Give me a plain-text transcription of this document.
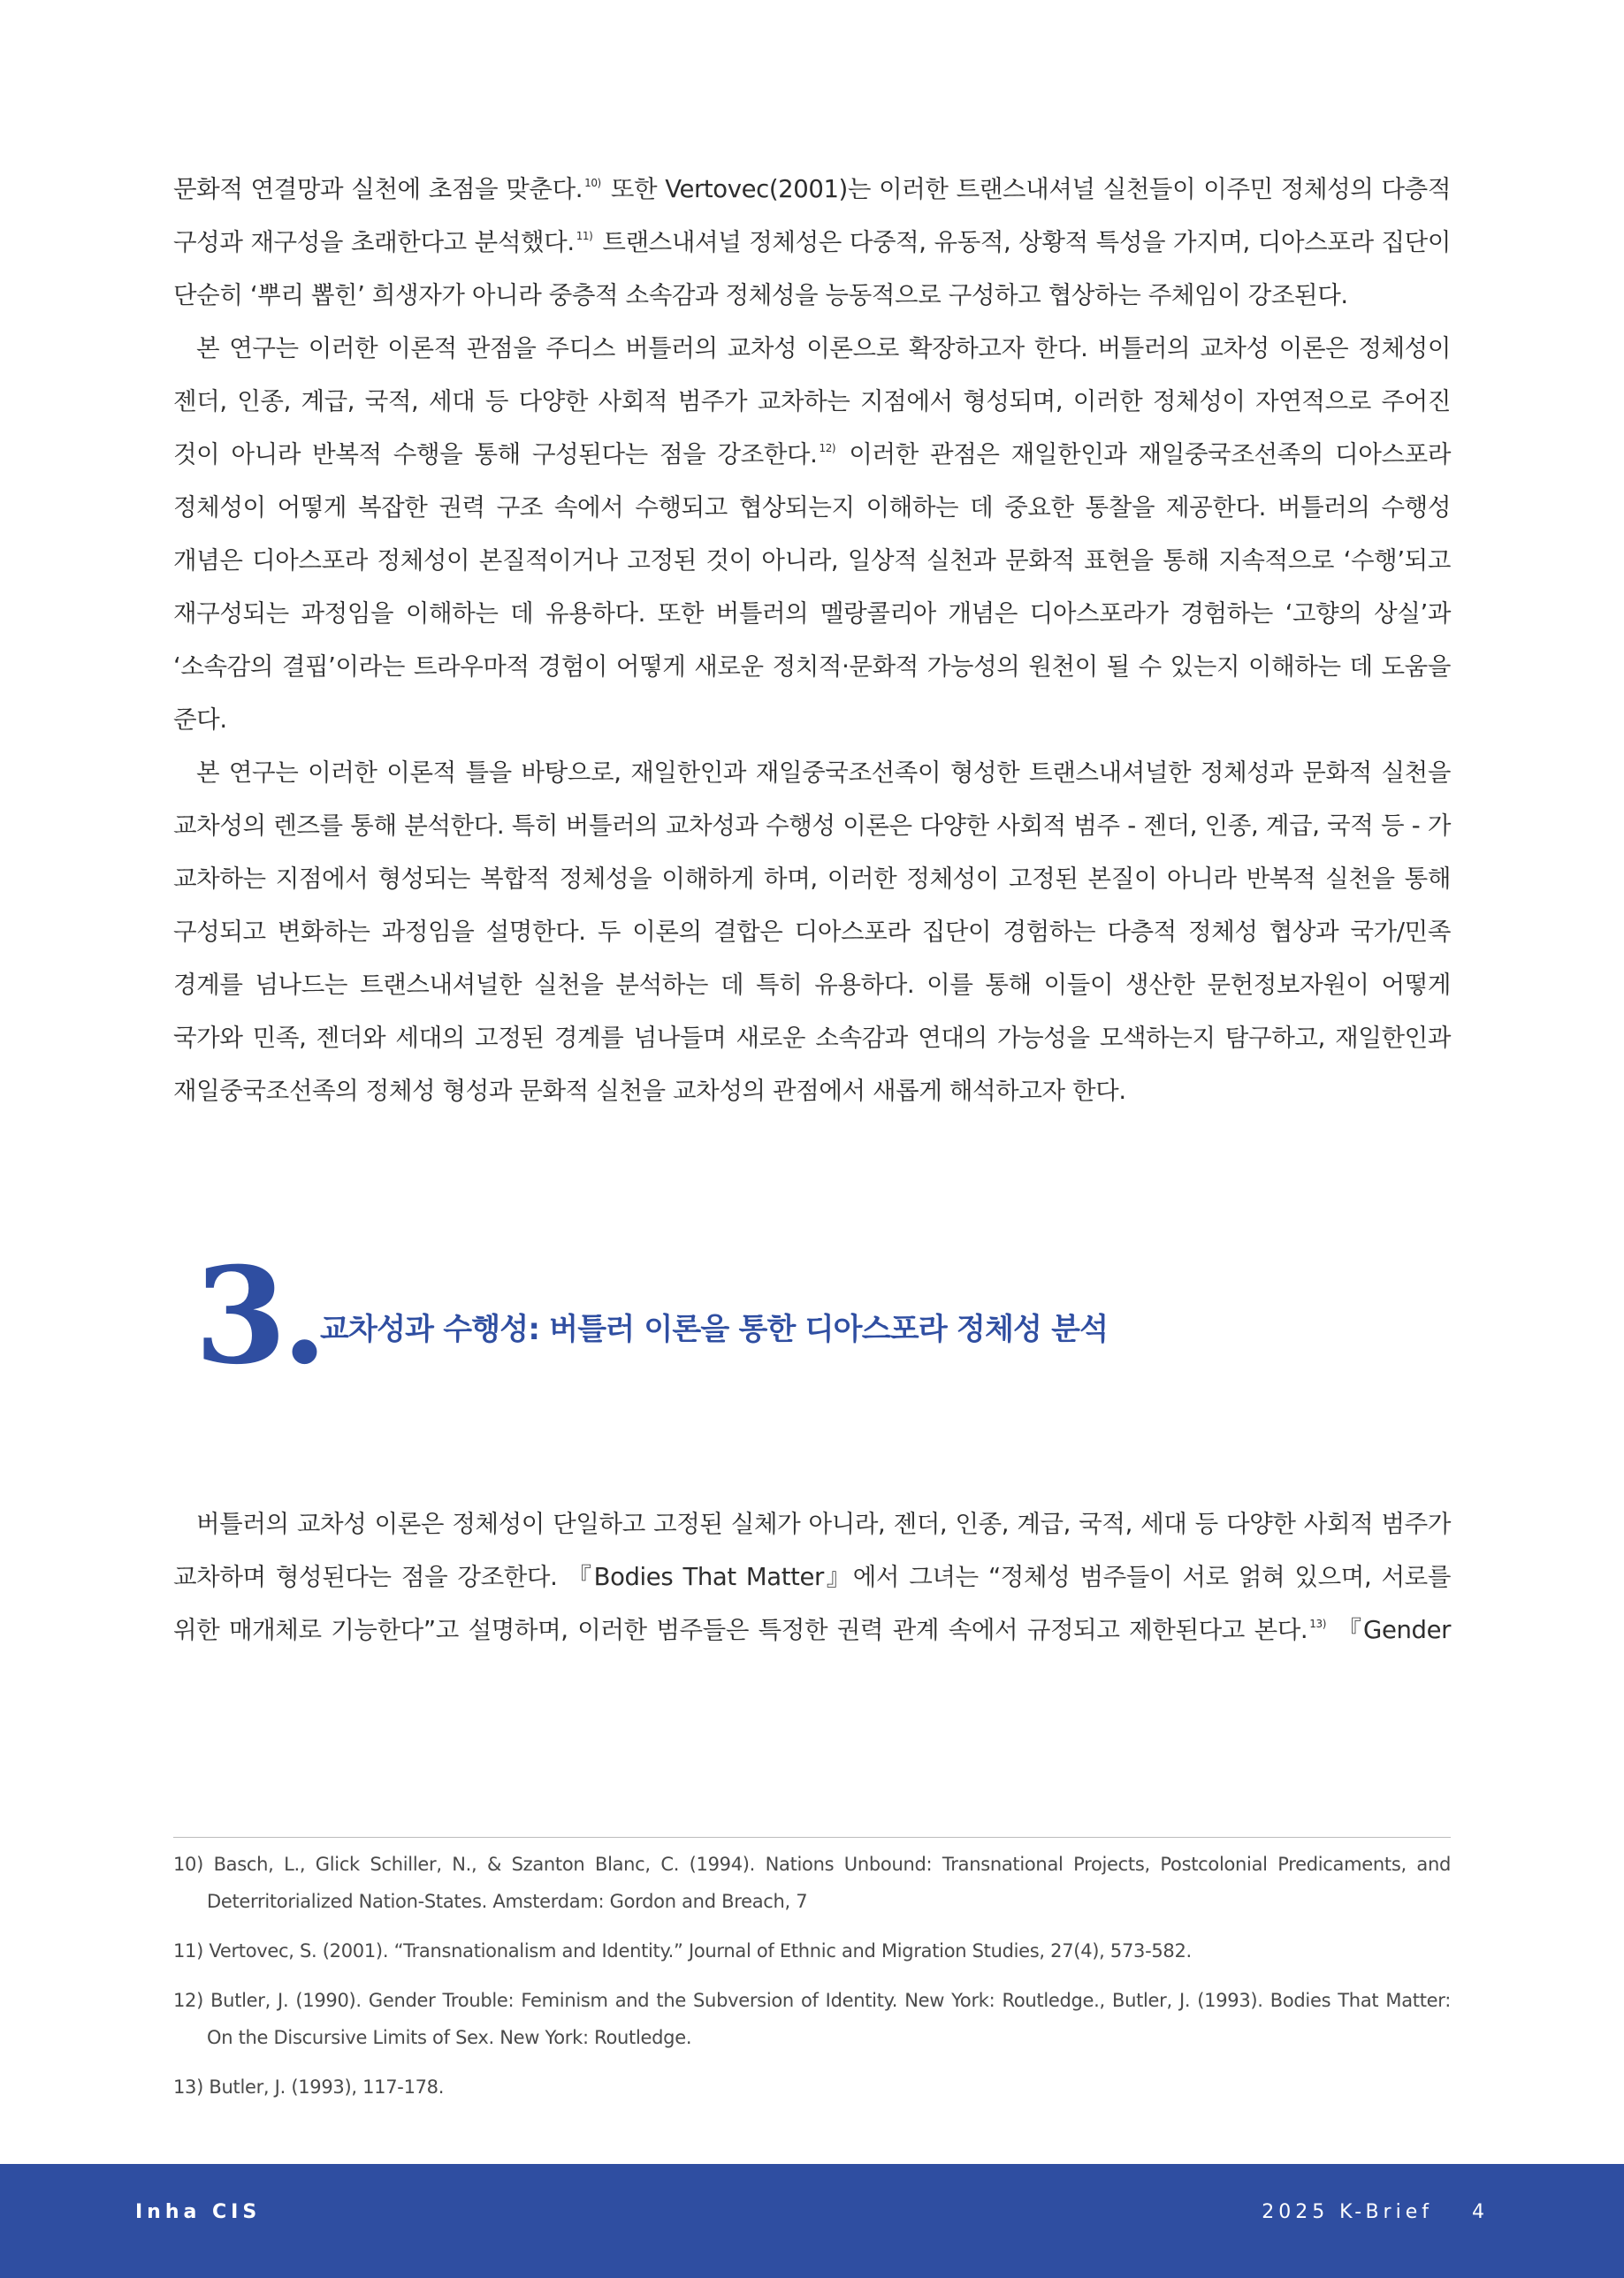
문화적 연결망과 실천에 초점을 맞춘다. $^{10)}$ 또한 Vertovec(2001)는 이러한 트랜스내셔널 실천들이 이주민 정체성의 다층적
구성과 재구성을 초래한다고 분석했다. $^{11)}$ 트랜스내셔널 정체성은 다중적, 유동적, 상황적 특성을 가지며, 디아스포라 집단이
단순히 ‘뿌리 뽑힌’ 희생자가 아니라 중층적 소속감과 정체성을 능동적으로 구성하고 협상하는 주체임이 강조된다.

본 연구는 이러한 이론적 관점을 주디스 버틀러의 교차성 이론으로 확장하고자 한다. 버틀러의 교차성 이론은 정체성이
젠더, 인종, 계급, 국적, 세대 등 다양한 사회적 범주가 교차하는 지점에서 형성되며, 이러한 정체성이 자연적으로 주어진
것이 아니라 반복적 수행을 통해 구성된다는 점을 강조한다. $^{12)}$ 이러한 관점은 재일한인과 재일중국조선족의 디아스포라
정체성이 어떻게 복잡한 권력 구조 속에서 수행되고 협상되는지 이해하는 데 중요한 통찰을 제공한다. 버틀러의 수행성
개념은 디아스포라 정체성이 본질적이거나 고정된 것이 아니라, 일상적 실천과 문화적 표현을 통해 지속적으로 ‘수행’되고
재구성되는 과정임을 이해하는 데 유용하다. 또한 버틀러의 멜랑콜리아 개념은 디아스포라가 경험하는 ‘고향의 상실’과
‘소속감의 결핍’이라는 트라우마적 경험이 어떻게 새로운 정치적·문화적 가능성의 원천이 될 수 있는지 이해하는 데 도움을
준다.

본 연구는 이러한 이론적 틀을 바탕으로, 재일한인과 재일중국조선족이 형성한 트랜스내셔널한 정체성과 문화적 실천을
교차성의 렌즈를 통해 분석한다. 특히 버틀러의 교차성과 수행성 이론은 다양한 사회적 범주 - 젠더, 인종, 계급, 국적 등 - 가
교차하는 지점에서 형성되는 복합적 정체성을 이해하게 하며, 이러한 정체성이 고정된 본질이 아니라 반복적 실천을 통해
구성되고 변화하는 과정임을 설명한다. 두 이론의 결합은 디아스포라 집단이 경험하는 다층적 정체성 협상과 국가/민족
경계를 넘나드는 트랜스내셔널한 실천을 분석하는 데 특히 유용하다. 이를 통해 이들이 생산한 문헌정보자원이 어떻게
국가와 민족, 젠더와 세대의 고정된 경계를 넘나들며 새로운 소속감과 연대의 가능성을 모색하는지 탐구하고, 재일한인과
재일중국조선족의 정체성 형성과 문화적 실천을 교차성의 관점에서 새롭게 해석하고자 한다.

3.
교차성과 수행성: 버틀러 이론을 통한 디아스포라 정체성 분석

버틀러의 교차성 이론은 정체성이 단일하고 고정된 실체가 아니라, 젠더, 인종, 계급, 국적, 세대 등 다양한 사회적 범주가
교차하며 형성된다는 점을 강조한다. 『Bodies That Matter』에서 그녀는 “정체성 범주들이 서로 얽혀 있으며, 서로를
위한 매개체로 기능한다”고 설명하며, 이러한 범주들은 특정한 권력 관계 속에서 규정되고 제한된다고 본다. $^{13)}$ 『Gender

10) Basch, L., Glick Schiller, N., & Szanton Blanc, C. (1994). Nations Unbound: Transnational Projects, Postcolonial Predicaments, and
Deterritorialized Nation-States. Amsterdam: Gordon and Breach, 7
11) Vertovec, S. (2001). “Transnationalism and Identity.” Journal of Ethnic and Migration Studies, 27(4), 573-582.
12) Butler, J. (1990). Gender Trouble: Feminism and the Subversion of Identity. New York: Routledge., Butler, J. (1993). Bodies That Matter:
On the Discursive Limits of Sex. New York: Routledge.
13) Butler, J. (1993), 117-178.
Inha CIS	2025 K-Brief 4
